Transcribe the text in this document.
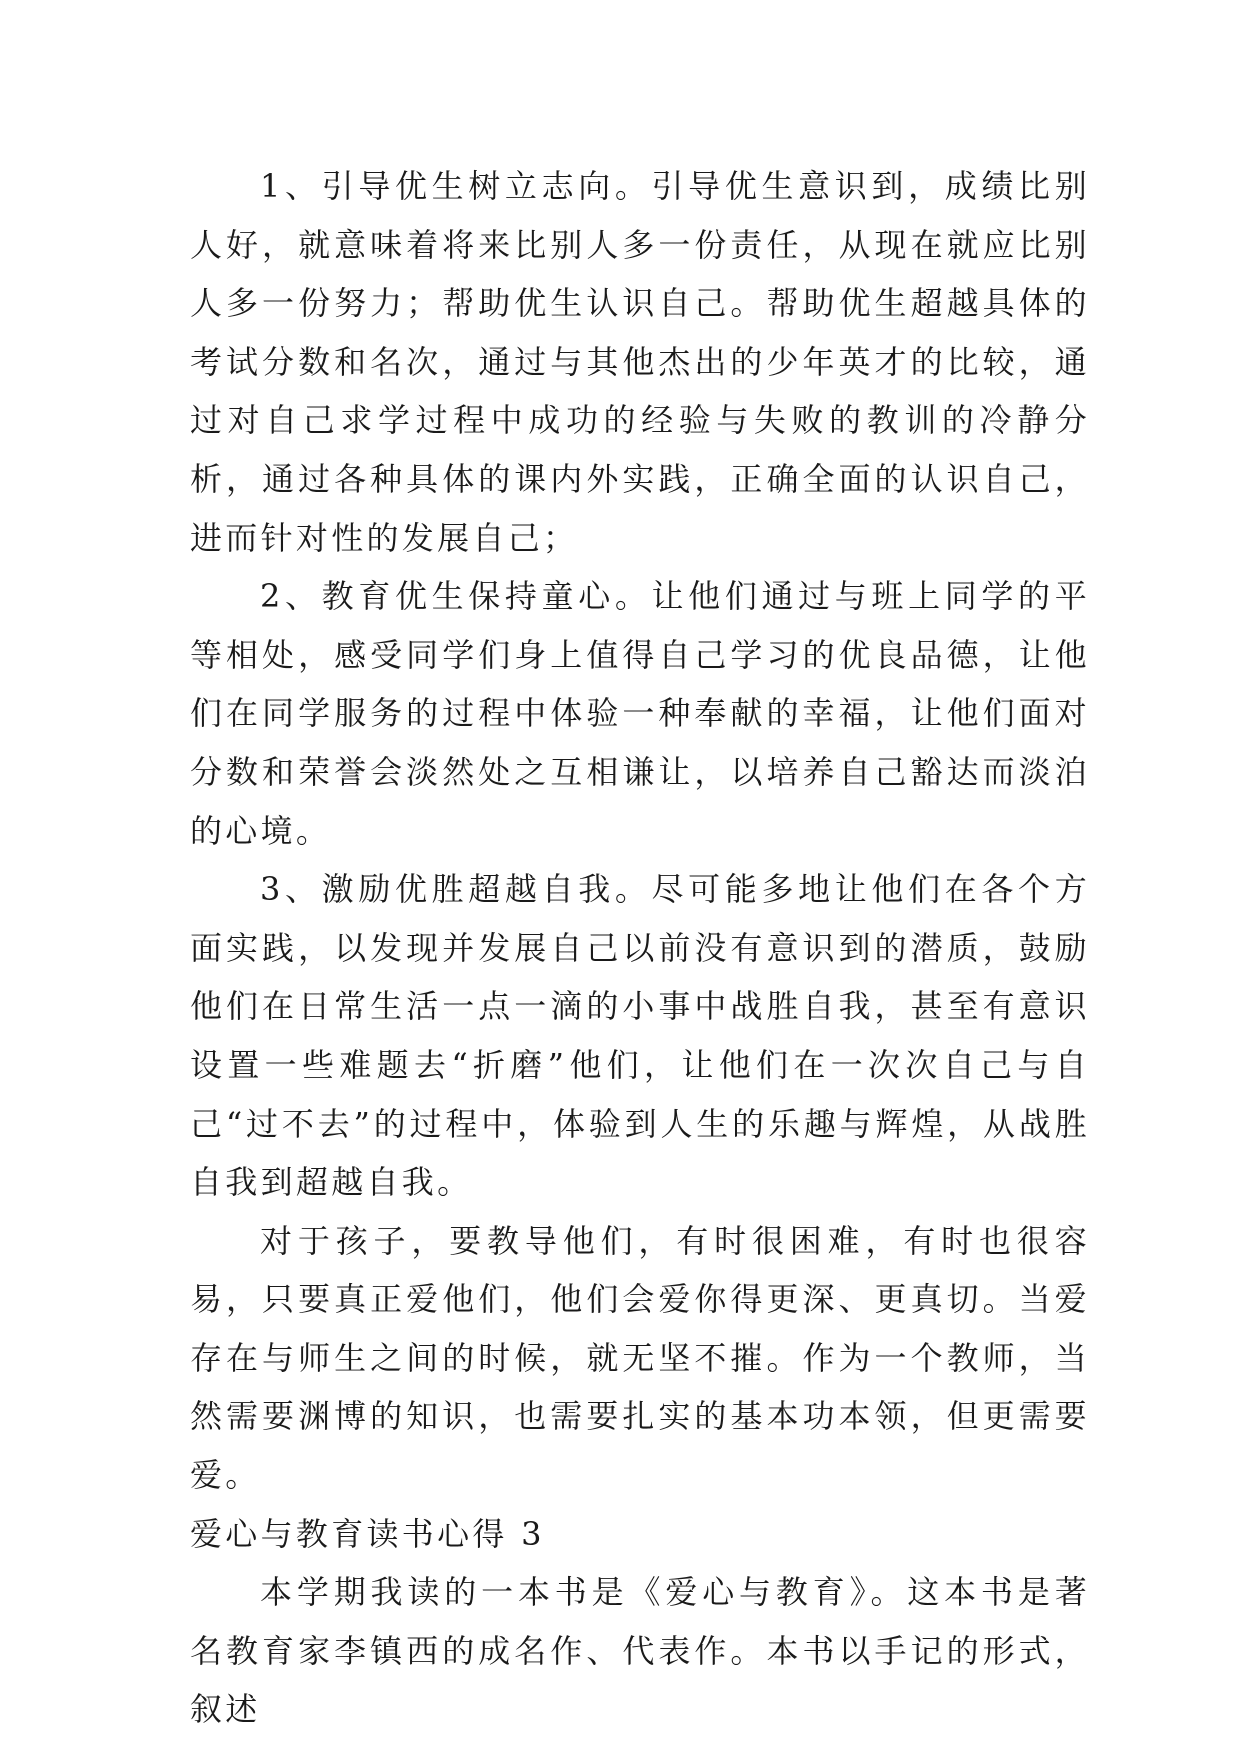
1、引导优生树立志向。引导优生意识到，成绩比别人好，就意味着将来比别人多一份责任，从现在就应比别人多一份努力；帮助优生认识自己。帮助优生超越具体的考试分数和名次，通过与其他杰出的少年英才的比较，通过对自己求学过程中成功的经验与失败的教训的冷静分析，通过各种具体的课内外实践，正确全面的认识自己，进而针对性的发展自己；

2、教育优生保持童心。让他们通过与班上同学的平等相处，感受同学们身上值得自己学习的优良品德，让他们在同学服务的过程中体验一种奉献的幸福，让他们面对分数和荣誉会淡然处之互相谦让，以培养自己豁达而淡泊的心境。

3、激励优胜超越自我。尽可能多地让他们在各个方面实践，以发现并发展自己以前没有意识到的潜质，鼓励他们在日常生活一点一滴的小事中战胜自我，甚至有意识设置一些难题去“折磨”他们，让他们在一次次自己与自己“过不去”的过程中，体验到人生的乐趣与辉煌，从战胜自我到超越自我。

对于孩子，要教导他们，有时很困难，有时也很容易，只要真正爱他们，他们会爱你得更深、更真切。当爱存在与师生之间的时候，就无坚不摧。作为一个教师，当然需要渊博的知识，也需要扎实的基本功本领，但更需要爱。

爱心与教育读书心得 3

本学期我读的一本书是《爱心与教育》。这本书是著名教育家李镇西的成名作、代表作。本书以手记的形式，叙述
